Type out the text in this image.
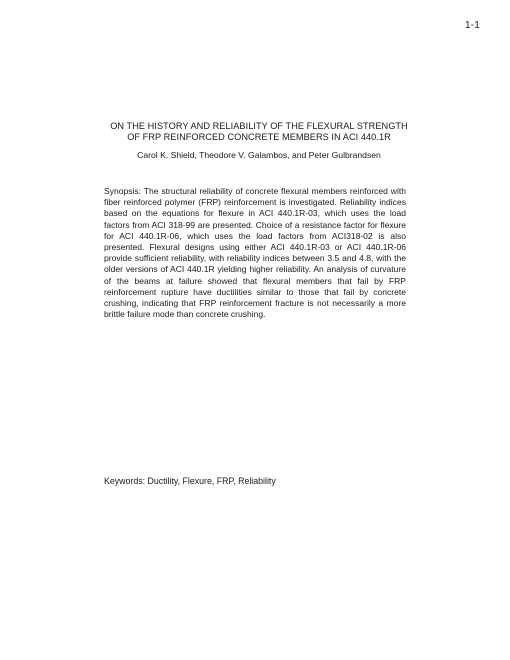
1-1
ON THE HISTORY AND RELIABILITY OF THE FLEXURAL STRENGTH
OF FRP REINFORCED CONCRETE MEMBERS IN ACI 440.1R
Carol K. Shield, Theodore V. Galambos, and Peter Gulbrandsen
Synopsis: The structural reliability of concrete flexural members reinforced with fiber reinforced polymer (FRP) reinforcement is investigated. Reliability indices based on the equations for flexure in ACI 440.1R-03, which uses the load factors from ACI 318-99 are presented. Choice of a resistance factor for flexure for ACI 440.1R-06, which uses the load factors from ACI318-02 is also presented. Flexural designs using either ACI 440.1R-03 or ACI 440.1R-06 provide sufficient reliability, with reliability indices between 3.5 and 4.8, with the older versions of ACI 440.1R yielding higher reliability. An analysis of curvature of the beams at failure showed that flexural members that fail by FRP reinforcement rupture have ductilities similar to those that fail by concrete crushing, indicating that FRP reinforcement fracture is not necessarily a more brittle failure mode than concrete crushing.
Keywords: Ductility, Flexure, FRP, Reliability
